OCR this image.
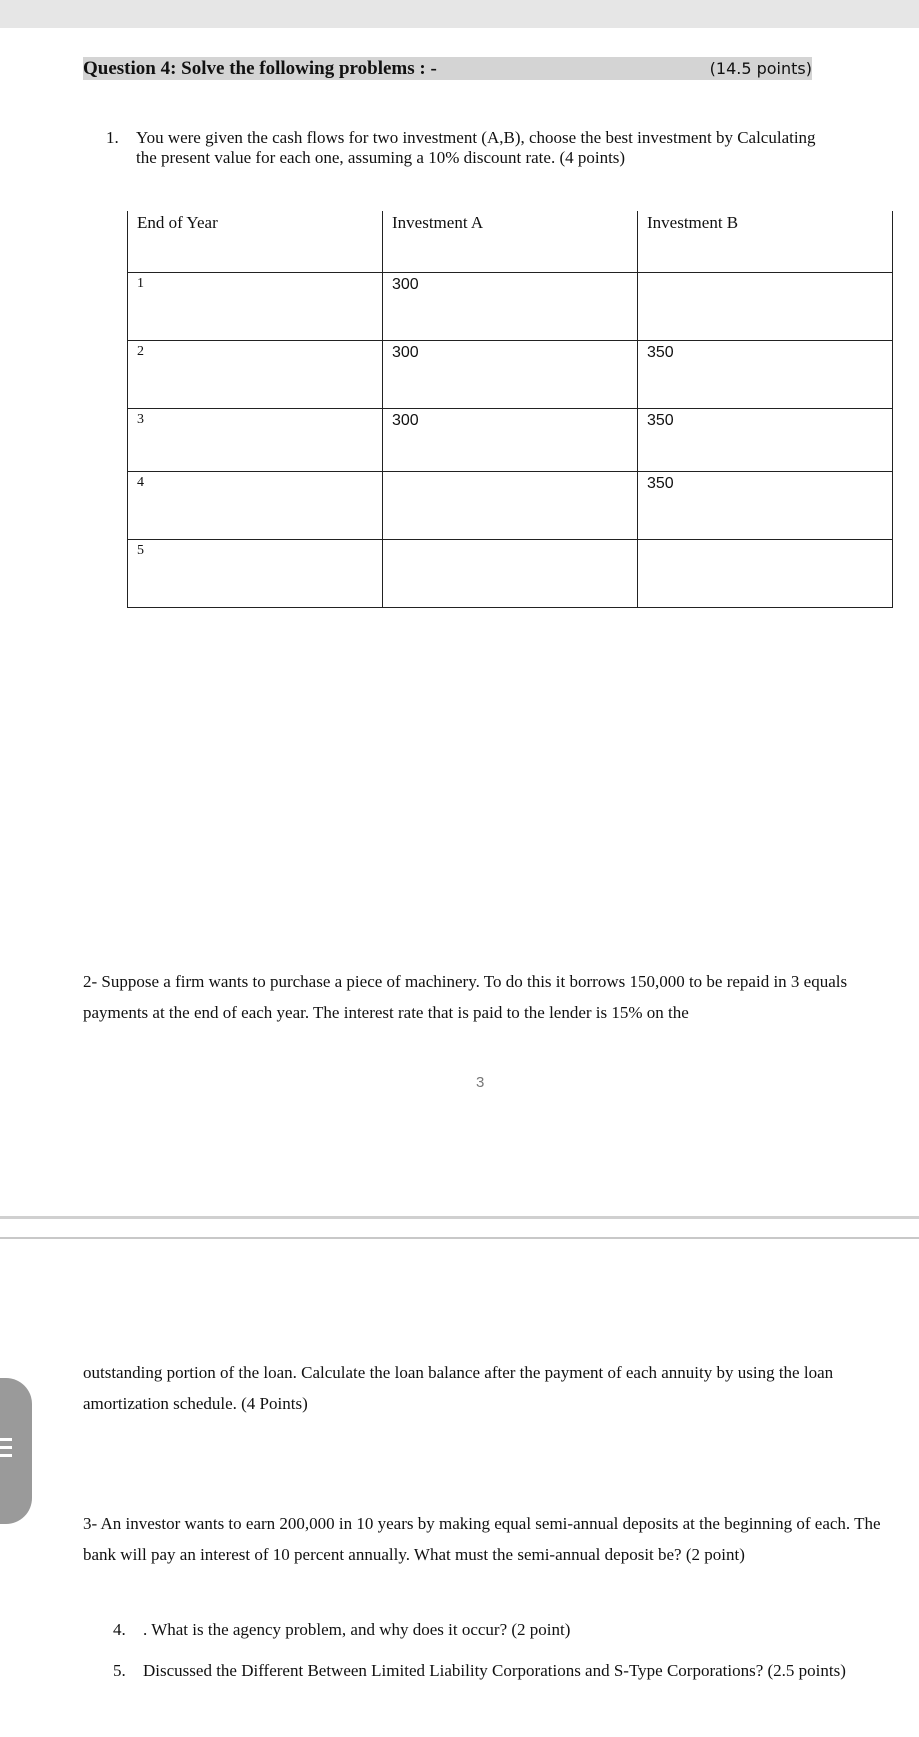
Question 4: Solve the following problems : -	(14.5 points)
1. You were given the cash flows for two investment (A,B), choose the best investment by Calculating the present value for each one, assuming a 10% discount rate. (4 points)
End of Year	Investment A	Investment B
1	300	
2	300	350
3	300	350
4		350
5		
2- Suppose a firm wants to purchase a piece of machinery. To do this it borrows 150,000 to be repaid in 3 equals payments at the end of each year. The interest rate that is paid to the lender is 15% on the
3
outstanding portion of the loan. Calculate the loan balance after the payment of each annuity by using the loan amortization schedule. (4 Points)
3- An investor wants to earn 200,000 in 10 years by making equal semi-annual deposits at the beginning of each. The bank will pay an interest of 10 percent annually. What must the semi-annual deposit be? (2 point)
4. . What is the agency problem, and why does it occur? (2 point)
5. Discussed the Different Between Limited Liability Corporations and S-Type Corporations? (2.5 points)
